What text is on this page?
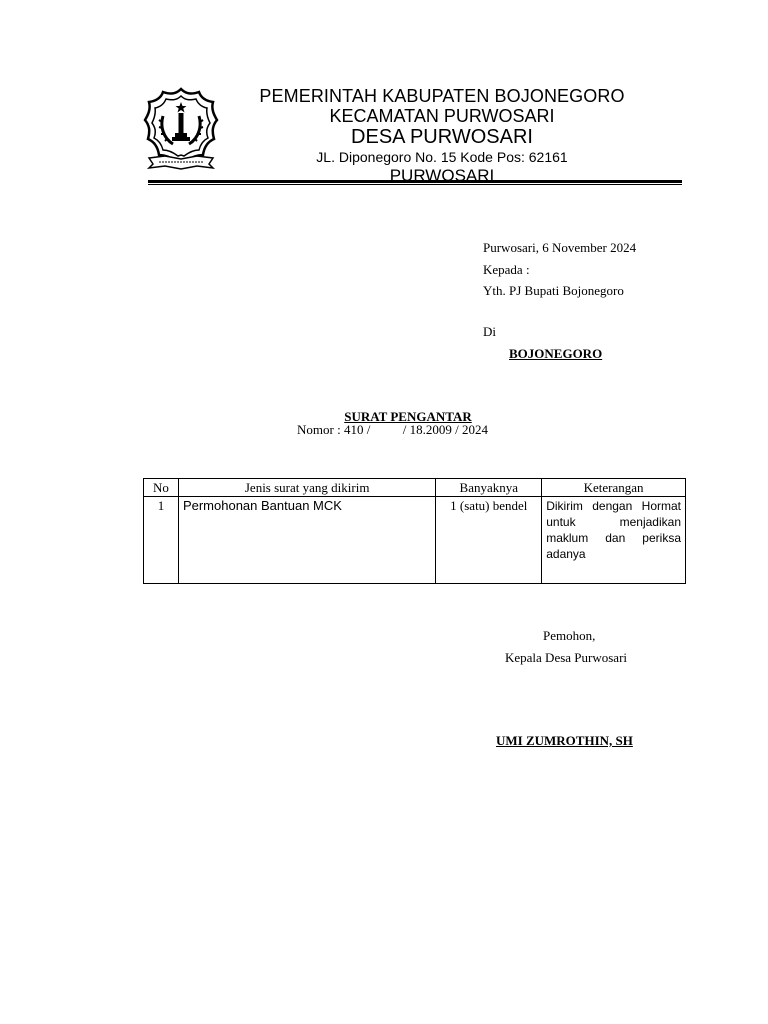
PEMERINTAH KABUPATEN BOJONEGORO
KECAMATAN PURWOSARI
DESA PURWOSARI
JL. Diponegoro No. 15 Kode Pos: 62161
PURWOSARI
Purwosari, 6 November 2024
Kepada :
Yth. PJ Bupati Bojonegoro
Di
BOJONEGORO
SURAT PENGANTAR
Nomor : 410 /          / 18.2009 / 2024
No	Jenis surat yang dikirim	Banyaknya	Keterangan
1	Permohonan Bantuan MCK	1 (satu) bendel	Dikirim dengan Hormat untuk menjadikan maklum dan periksa adanya
Pemohon,
Kepala Desa Purwosari
UMI ZUMROTHIN, SH
